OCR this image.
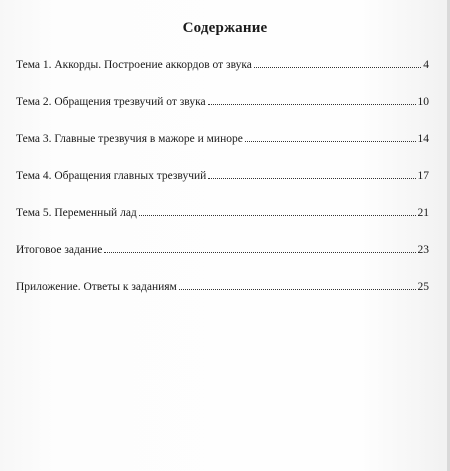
Содержание
Тема 1. Аккорды. Построение аккордов от звука	4
Тема 2. Обращения трезвучий от звука	10
Тема 3. Главные трезвучия в мажоре и миноре	14
Тема 4. Обращения главных трезвучий	17
Тема 5. Переменный лад	21
Итоговое задание	23
Приложение. Ответы к заданиям	25
